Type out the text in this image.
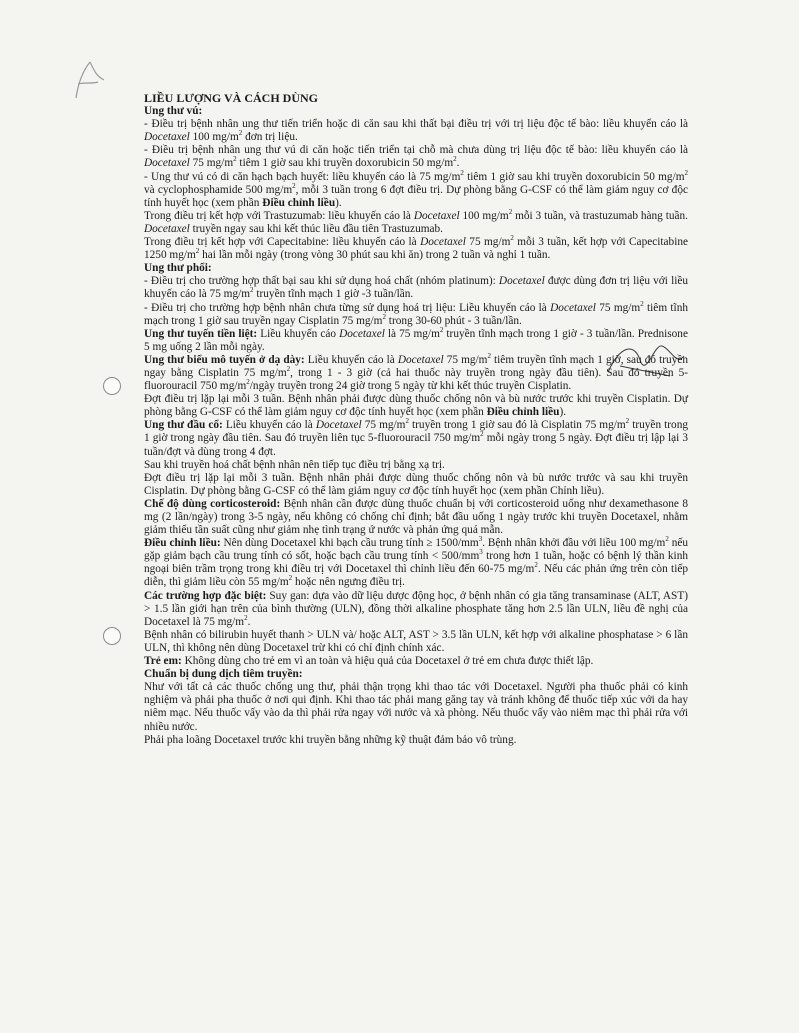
LIỀU LƯỢNG VÀ CÁCH DÙNG

Ung thư vú:

- Điều trị bệnh nhân ung thư tiến triển hoặc di căn sau khi thất bại điều trị với trị liệu độc tế bào: liều khuyến cáo là Docetaxel 100 $mg/m^2$ đơn trị liệu.

- Điều trị bệnh nhân ung thư vú di căn hoặc tiến triển tại chỗ mà chưa dùng trị liệu độc tế bào: liều khuyến cáo là Docetaxel 75 $mg/m^2$ tiêm 1 giờ sau khi truyền doxorubicin 50 $mg/m^2$.

- Ung thư vú có di căn hạch bạch huyết: liều khuyến cáo là 75 $mg/m^2$ tiêm 1 giờ sau khi truyền doxorubicin 50 $mg/m^2$ và cyclophosphamide 500 $mg/m^2$, mỗi 3 tuần trong 6 đợt điều trị. Dự phòng bằng G-CSF có thể làm giảm nguy cơ độc tính huyết học (xem phần Điều chỉnh liều).

Trong điều trị kết hợp với Trastuzumab: liều khuyến cáo là Docetaxel 100 $mg/m^2$ mỗi 3 tuần, và trastuzumab hàng tuần. Docetaxel truyền ngay sau khi kết thúc liều đầu tiên Trastuzumab.

Trong điều trị kết hợp với Capecitabine: liều khuyến cáo là Docetaxel 75 $mg/m^2$ mỗi 3 tuần, kết hợp với Capecitabine 1250 $mg/m^2$ hai lần mỗi ngày (trong vòng 30 phút sau khi ăn) trong 2 tuần và nghỉ 1 tuần.

Ung thư phổi:

- Điều trị cho trường hợp thất bại sau khi sử dụng hoá chất (nhóm platinum): Docetaxel được dùng đơn trị liệu với liều khuyến cáo là 75 $mg/m^2$ truyền tĩnh mạch 1 giờ -3 tuần/lần.

- Điều trị cho trường hợp bệnh nhân chưa từng sử dụng hoá trị liệu: Liều khuyến cáo là Docetaxel 75 $mg/m^2$ tiêm tĩnh mạch trong 1 giờ sau truyền ngay Cisplatin 75 $mg/m^2$ trong 30-60 phút - 3 tuần/lần.

Ung thư tuyến tiền liệt: Liều khuyến cáo Docetaxel là 75 $mg/m^2$ truyền tĩnh mạch trong 1 giờ - 3 tuần/lần. Prednisone 5 mg uống 2 lần mỗi ngày.

Ung thư biểu mô tuyến ở dạ dày: Liều khuyến cáo là Docetaxel 75 $mg/m^2$ tiêm truyền tĩnh mạch 1 giờ, sau đó truyền ngay bằng Cisplatin 75 $mg/m^2$, trong 1 - 3 giờ (cả hai thuốc này truyền trong ngày đầu tiên). Sau đó truyền 5-fluorouracil 750 $mg/m^2$/ngày truyền trong 24 giờ trong 5 ngày từ khi kết thúc truyền Cisplatin.

Đợt điều trị lặp lại mỗi 3 tuần. Bệnh nhân phải được dùng thuốc chống nôn và bù nước trước khi truyền Cisplatin. Dự phòng bằng G-CSF có thể làm giảm nguy cơ độc tính huyết học (xem phần Điều chỉnh liều).

Ung thư đầu cổ: Liều khuyến cáo là Docetaxel 75 $mg/m^2$ truyền trong 1 giờ sau đó là Cisplatin 75 $mg/m^2$ truyền trong 1 giờ trong ngày đầu tiên. Sau đó truyền liên tục 5-fluorouracil 750 $mg/m^2$ mỗi ngày trong 5 ngày. Đợt điều trị lập lại 3 tuần/đợt và dùng trong 4 đợt.

Sau khi truyền hoá chất bệnh nhân nên tiếp tục điều trị bằng xạ trị.

Đợt điều trị lặp lại mỗi 3 tuần. Bệnh nhân phải được dùng thuốc chống nôn và bù nước trước và sau khi truyền Cisplatin. Dự phòng bằng G-CSF có thể làm giảm nguy cơ độc tính huyết học (xem phần Chỉnh liều).

Chế độ dùng corticosteroid: Bệnh nhân cần được dùng thuốc chuẩn bị với corticosteroid uống như dexamethasone 8 mg (2 lần/ngày) trong 3-5 ngày, nếu không có chống chỉ định; bắt đầu uống 1 ngày trước khi truyền Docetaxel, nhằm giảm thiểu tần suất cũng như giảm nhẹ tình trạng ứ nước và phản ứng quá mẫn.

Điều chỉnh liều: Nên dùng Docetaxel khi bạch cầu trung tính ≥ $1500/mm^3$. Bệnh nhân khởi đầu với liều 100 $mg/m^2$ nếu gặp giảm bạch cầu trung tính có sốt, hoặc bạch cầu trung tính < $500/mm^3$ trong hơn 1 tuần, hoặc có bệnh lý thần kinh ngoại biên trầm trọng trong khi điều trị với Docetaxel thì chỉnh liều đến 60-75 $mg/m^2$. Nếu các phản ứng trên còn tiếp diễn, thì giảm liều còn 55 $mg/m^2$ hoặc nên ngưng điều trị.

Các trường hợp đặc biệt: Suy gan: dựa vào dữ liệu dược động học, ở bệnh nhân có gia tăng transaminase (ALT, AST) > 1.5 lần giới hạn trên của bình thường (ULN), đồng thời alkaline phosphate tăng hơn 2.5 lần ULN, liều đề nghị của Docetaxel là 75 $mg/m^2$.

Bệnh nhân có bilirubin huyết thanh > ULN và/ hoặc ALT, AST > 3.5 lần ULN, kết hợp với alkaline phosphatase > 6 lần ULN, thì không nên dùng Docetaxel trừ khi có chỉ định chính xác.

Trẻ em: Không dùng cho trẻ em vì an toàn và hiệu quả của Docetaxel ở trẻ em chưa được thiết lập.

Chuẩn bị dung dịch tiêm truyền:

Như với tất cả các thuốc chống ung thư, phải thận trọng khi thao tác với Docetaxel. Người pha thuốc phải có kinh nghiệm và phải pha thuốc ở nơi qui định. Khi thao tác phải mang găng tay và tránh không để thuốc tiếp xúc với da hay niêm mạc. Nếu thuốc vấy vào da thì phải rửa ngay với nước và xà phòng. Nếu thuốc vấy vào niêm mạc thì phải rửa với nhiều nước.

Phải pha loãng Docetaxel trước khi truyền bằng những kỹ thuật đảm bảo vô trùng.
